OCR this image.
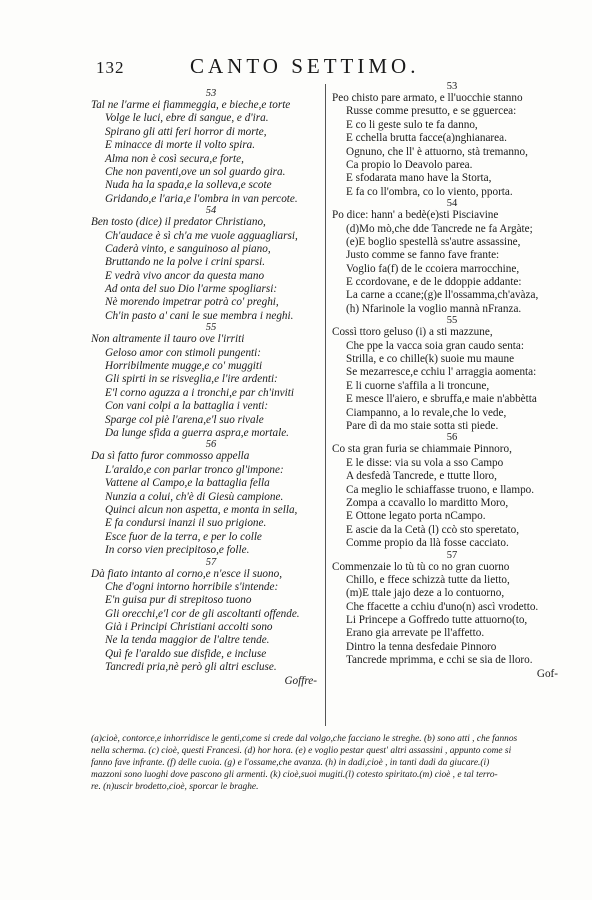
132	CANTO SETTIMO.
53
Tal ne l'arme ei fiammeggia, e bieche,e torte
Volge le luci, ebre di sangue, e d'ira.
Spirano gli atti feri horror di morte,
E minacce di morte il volto spira.
Alma non è così secura,e forte,
Che non paventi,ove un sol guardo gira.
Nuda ha la spada,e la solleva,e scote
Gridando,e l'aria,e l'ombra in van percote.
54
Ben tosto (dice) il predator Christiano,
Ch'audace è sì ch'a me vuole agguagliarsi,
Caderà vinto, e sanguinoso al piano,
Bruttando ne la polve i crini sparsi.
E vedrà vivo ancor da questa mano
Ad onta del suo Dio l'arme spogliarsi:
Nè morendo impetrar potrà co' preghi,
Ch'in pasto a' cani le sue membra i neghi.
55
Non altramente il tauro ove l'irriti
Geloso amor con stimoli pungenti:
Horribilmente mugge,e co' muggiti
Gli spirti in se risveglia,e l'ire ardenti:
E'l corno aguzza a i tronchi,e par ch'inviti
Con vani colpi a la battaglia i venti:
Sparge col piè l'arena,e'l suo rivale
Da lunge sfida a guerra aspra,e mortale.
56
Da sì fatto furor commosso appella
L'araldo,e con parlar tronco gl'impone:
Vattene al Campo,e la battaglia fella
Nunzia a colui, ch'è di Giesù campione.
Quinci alcun non aspetta, e monta in sella,
E fa condursi inanzi il suo prigione.
Esce fuor de la terra, e per lo colle
In corso vien precipitoso,e folle.
57
Dà fiato intanto al corno,e n'esce il suono,
Che d'ogni intorno horribile s'intende:
E'n guisa pur di strepitoso tuono
Gli orecchi,e'l cor de gli ascoltanti offende.
Già i Principi Christiani accolti sono
Ne la tenda maggior de l'altre tende.
Quì fe l'araldo sue disfide, e incluse
Tancredi pria,nè però gli altri escluse.
Goffre-
53
Peo chisto pare armato, e ll'uocchie stanno
Russe comme presutto, e se gguercea:
E co li geste sulo te fa danno,
E cchella brutta facce(a)nghianarea.
Ognuno, che ll' è attuorno, stà tremanno,
Ca propio lo Deavolo parea.
E sfodarata mano have la Storta,
E fa co ll'ombra, co lo viento, pporta.
54
Po dice: hann' a bedè(e)sti Pisciavine
(d)Mo mò,che dde Tancrede ne fa Argàte;
(e)E boglio spestellà ss'autre assassine,
Justo comme se fanno fave frante:
Voglio fa(f) de le ccoiera marrocchine,
E ccordovane, e de le ddoppie addante:
La carne a ccane;(g)e ll'ossamma,ch'avàza,
(h) Nfarinole la voglio mannà nFranza.
55
Cossì ttoro geluso (i) a sti mazzune,
Che ppe la vacca soia gran caudo senta:
Strilla, e co chille(k) suoie mu maune
Se mezarresce,e cchiu l' arraggia aomenta:
E li cuorne s'affila a li troncune,
E mesce ll'aiero, e sbruffa,e maie n'abbètta
Ciampanno, a lo revale,che lo vede,
Pare dì da mo staie sotta sti piede.
56
Co sta gran furia se chiammaie Pinnoro,
E le disse: via su vola a sso Campo
A desfedà Tancrede, e ttutte lloro,
Ca meglio le schiaffasse truono, e llampo.
Zompa a ccavallo lo marditto Moro,
E Ottone legato porta nCampo.
E ascie da la Cetà (l) ccò sto speretato,
Comme propio da llà fosse cacciato.
57
Commenzaie lo tù tù co no gran cuorno
Chillo, e ffece schizzà tutte da lietto,
(m)E ttale jajo deze a lo contuorno,
Che ffacette a cchiu d'uno(n) ascì vrodetto.
Li Princepe a Goffredo tutte attuorno(to,
Erano gia arrevate pe ll'affetto.
Dintro la tenna desfedaie Pinnoro
Tancrede mprimma, e cchi se sia de lloro.
Gof-
(a)cioè, contorce,e inhorridisce le genti,come si crede dal volgo,che facciano le streghe. (b) sono atti , che fannos
nella scherma. (c) cioè, questi Francesi. (d) hor hora. (e) e voglio pestar quest' altri assassini , appunto come si
fanno fave infrante. (f) delle cuoia. (g) e l'ossame,che avanza. (h) in dadi,cioè , in tanti dadi da giucare.(i)
mazzoni sono luoghi dove pascono gli armenti. (k) cioè,suoi mugiti.(l) cotesto spiritato.(m) cioè , e tal terro-
re. (n)uscir brodetto,cioè, sporcar le braghe.
